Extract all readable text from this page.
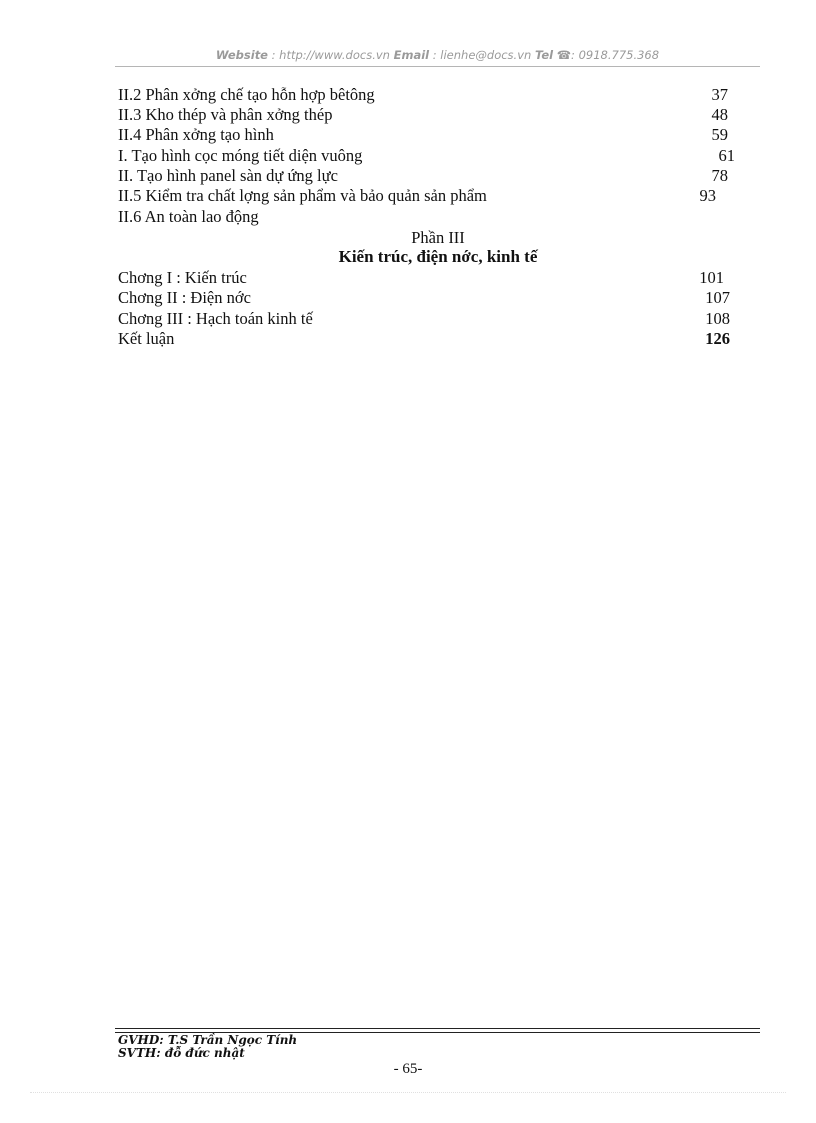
Website : http://www.docs.vn Email : lienhe@docs.vn Tel ☎: 0918.775.368
II.2 Phân xởng chế tạo hỗn hợp bêtông	37
II.3 Kho thép và phân xởng thép	48
II.4 Phân xởng tạo hình	59
I. Tạo hình cọc móng tiết diện vuông	61
II. Tạo hình panel sàn dự ứng lực	78
II.5 Kiểm tra chất lợng sản phẩm và bảo quản sản phẩm	93
II.6 An toàn lao động
Phần III
Kiến trúc, điện nớc, kinh tế
Chơng I : Kiến trúc	101
Chơng II : Điện nớc	107
Chơng III : Hạch toán kinh tế	108
Kết luận	126
GVHD: T.S Trần Ngọc Tính
SVTH: đỗ đức nhật
- 65-
